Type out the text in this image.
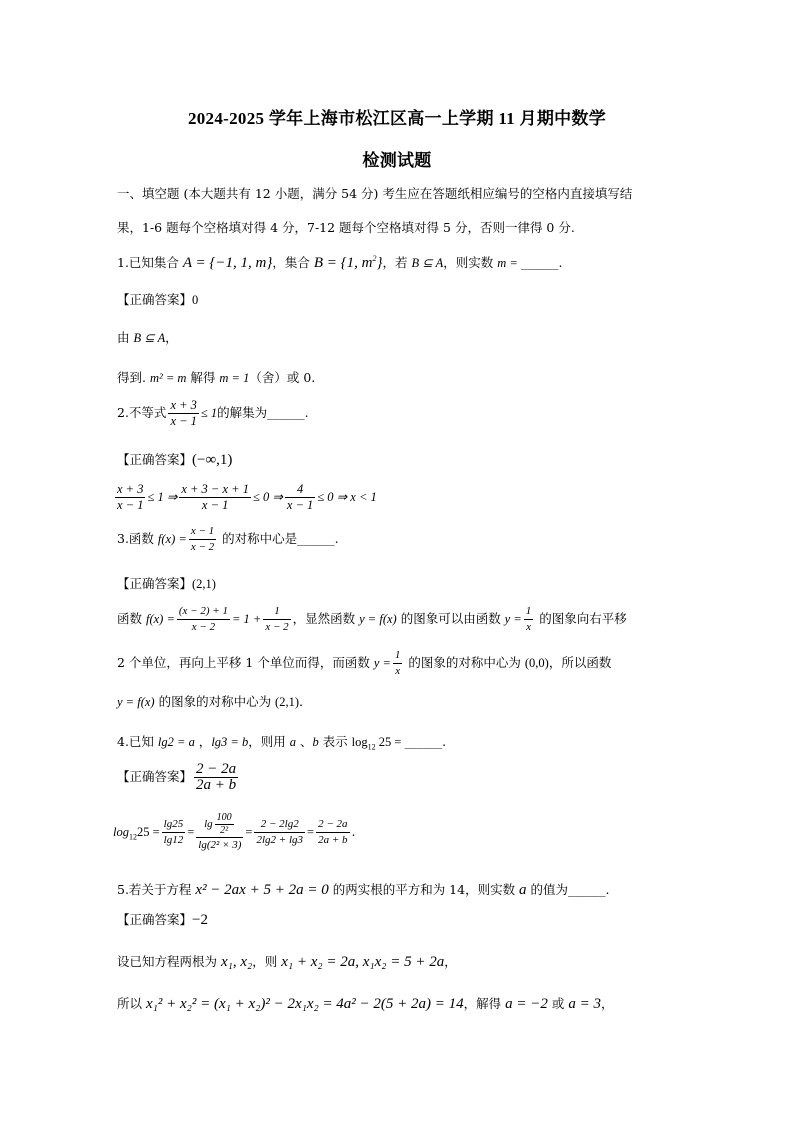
2024-2025 学年上海市松江区高一上学期 11 月期中数学
检测试题
一、填空题 (本大题共有 12 小题，满分 54 分) 考生应在答题纸相应编号的空格内直接填写结
果，1-6 题每个空格填对得 4 分，7-12 题每个空格填对得 5 分，否则一律得 0 分.
1.已知集合 A = {−1, 1, m}，集合 B = {1, $m^2$}，若 B ⊆ A，则实数 m = ______.
【正确答案】0
由 B ⊆ A，
得到. m² = m 解得 m = 1（舍）或 0.
2.不等式 $\frac{x + 3}{x - 1} \le 1$的解集为______.
【正确答案】(−∞,1)
$\frac{x + 3}{x - 1} \le 1$ ⇒ $\frac{x + 3 - x + 1}{x - 1} \le 0$ ⇒ $\frac{4}{x - 1} \le 0$ ⇒ x < 1
3.函数 $f(x) = \frac{x - 1}{x - 2}$ 的对称中心是______.
【正确答案】(2,1)
函数 $f(x) = \frac{(x - 2) + 1}{x - 2} = 1 + \frac{1}{x - 2}$ ，显然函数 y = f(x) 的图象可以由函数 $y = \frac{1}{x}$ 的图象向右平移
2 个单位，再向上平移 1 个单位而得，而函数 $y = \frac{1}{x}$ 的图象的对称中心为 (0,0)，所以函数
y = f(x) 的图象的对称中心为 (2,1).
4.已知 lg2 = a ，lg3 = b，则用 a 、b 表示 $\log_{12} 25$ = ______.
【正确答案】 $\frac{2 - 2a}{2a + b}$
$\log_{12}25 = \frac{\lg 25}{\lg 12} = \frac{\lg \frac{100}{\text{2²}}}{\text{lg(2² × 3)}} = \frac{2 - 2\lg 2}{2\lg 2 + \lg 3} = \frac{2 - 2a}{2a + b}$ .
5.若关于方程 x² − 2ax + 5 + 2a = 0 的两实根的平方和为 14，则实数 a 的值为______.
【正确答案】−2
设已知方程两根为 x₁, x₂，则 x₁ + x₂ = 2a, x₁x₂ = 5 + 2a，
所以 x₁² + x₂² = (x₁ + x₂)² − 2x₁x₂ = 4a² − 2(5 + 2a) = 14，解得 a = −2 或 a = 3，
